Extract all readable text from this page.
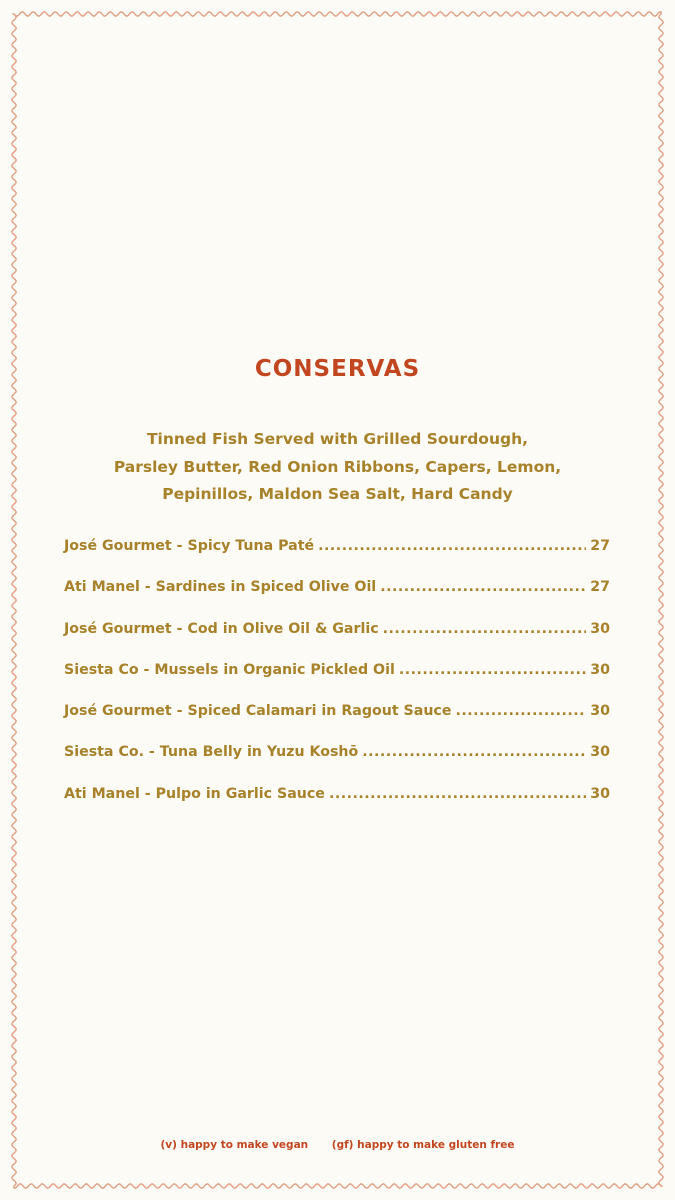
CONSERVAS

Tinned Fish Served with Grilled Sourdough,
Parsley Butter, Red Onion Ribbons, Capers, Lemon,
Pepinillos, Maldon Sea Salt, Hard Candy

José Gourmet - Spicy Tuna Paté .....	27
Ati Manel - Sardines in Spiced Olive Oil .....	27
José Gourmet - Cod in Olive Oil & Garlic .....	30
Siesta Co - Mussels in Organic Pickled Oil .....	30
José Gourmet - Spiced Calamari in Ragout Sauce .....	30
Siesta Co. - Tuna Belly in Yuzu Koshō .....	30
Ati Manel - Pulpo in Garlic Sauce .....	30
(v) happy to make vegan (gf) happy to make gluten free
